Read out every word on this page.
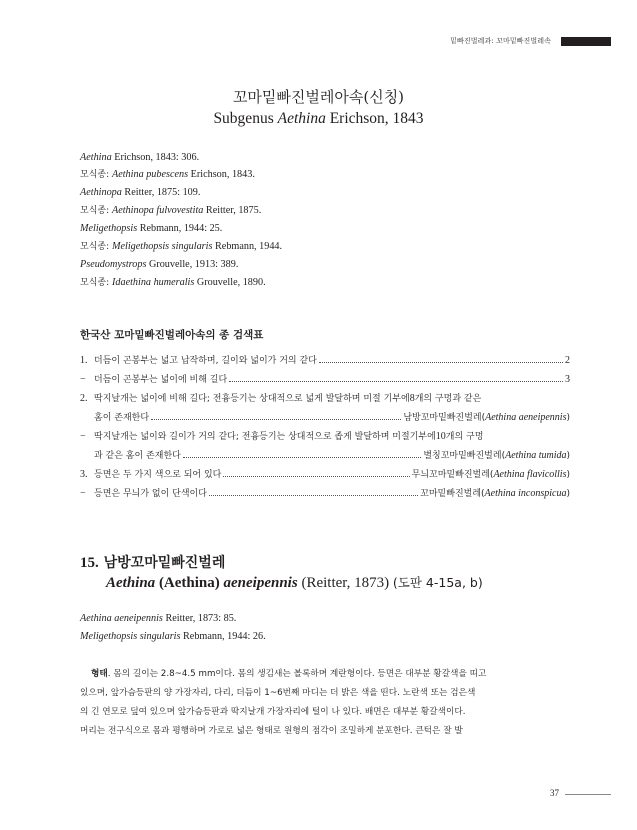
밑빠진벌레과: 꼬마밑빠진벌레속
꼬마밑빠진벌레아속(신칭)
Subgenus Aethina Erichson, 1843
Aethina Erichson, 1843: 306.
모식종: Aethina pubescens Erichson, 1843.
Aethinopa Reitter, 1875: 109.
모식종: Aethinopa fulvovestita Reitter, 1875.
Meligethopsis Rebmann, 1944: 25.
모식종: Meligethopsis singularis Rebmann, 1944.
Pseudomystrops Grouvelle, 1913: 389.
모식종: Idaethina humeralis Grouvelle, 1890.
한국산 꼬마밑빠진벌레아속의 종 검색표
1. 더듬이 곤봉부는 넓고 납작하며, 길이와 넓이가 거의 같다	2
− 더듬이 곤봉부는 넓이에 비해 길다	3
2. 딱지날개는 넓이에 비해 길다; 전흉등기는 상대적으로 넓게 발달하며 미절 기부에 8 개의 구멍과 같은
홈이 존재한다	남방꼬마밑빠진벌레(Aethina aeneipennis)
− 딱지날개는 넓이와 길이가 거의 같다; 전흉등기는 상대적으로 좁게 발달하며 미절기부에 10 개의 구멍
과 같은 홈이 존재한다	별칭꼬마밑빠진벌레(Aethina tumida)
3. 등면은 두 가지 색으로 되어 있다	무늬꼬마밑빠진벌레(Aethina flavicollis)
− 등면은 무늬가 없이 단색이다	꼬마밑빠진벌레(Aethina inconspicua)
15. 남방꼬마밑빠진벌레
Aethina (Aethina) aeneipennis (Reitter, 1873) (도판 4-15a, b)
Aethina aeneipennis Reitter, 1873: 85.
Meligethopsis singularis Rebmann, 1944: 26.
형태. 몸의 길이는 2.8~4.5 mm이다. 몸의 생김새는 볼록하며 계란형이다. 등면은 대부분 황갈색을 띠고
있으며, 앞가슴등판의 양 가장자리, 다리, 더듬이 1~6번째 마디는 더 밝은 색을 띤다. 노란색 또는 검은색
의 긴 연모로 덮여 있으며 앞가슴등판과 딱지날개 가장자리에 털이 나 있다. 배면은 대부분 황갈색이다.
머리는 전구식으로 몸과 평행하며 가로로 넓은 형태로 원형의 점각이 조밀하게 분포한다. 큰턱은 잘 발
37
